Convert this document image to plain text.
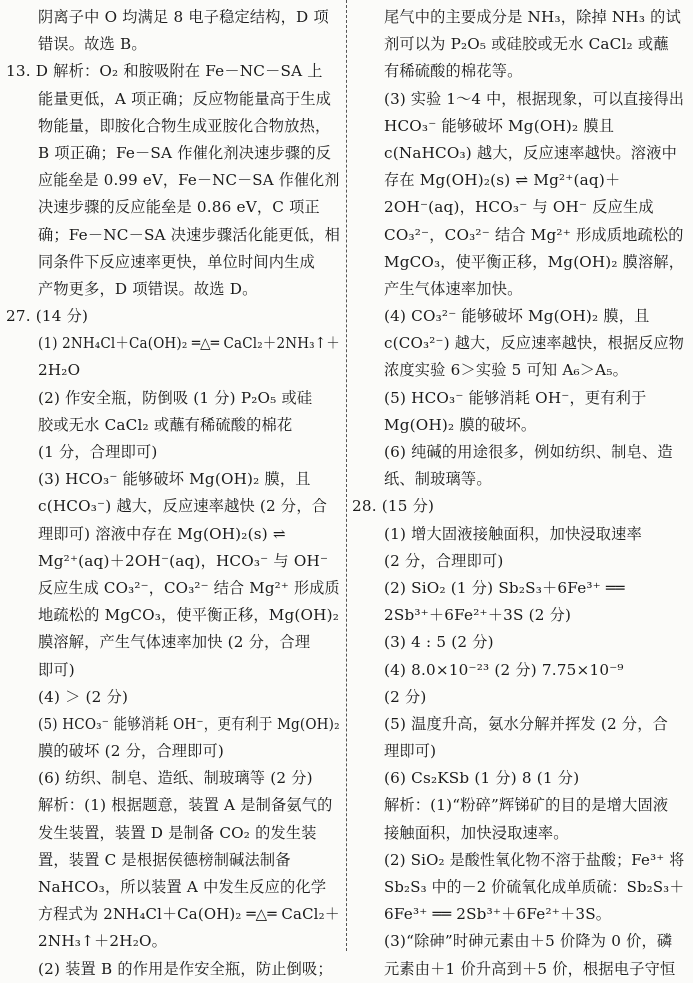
阴离子中 O 均满足 8 电子稳定结构，D 项
错误。故选 B。
13. D 解析：O₂ 和胺吸附在 Fe－NC－SA 上
能量更低，A 项正确；反应物能量高于生成
物能量，即胺化合物生成亚胺化合物放热，
B 项正确；Fe－SA 作催化剂决速步骤的反
应能垒是 0.99 eV，Fe－NC－SA 作催化剂
决速步骤的反应能垒是 0.86 eV，C 项正
确；Fe－NC－SA 决速步骤活化能更低，相
同条件下反应速率更快，单位时间内生成
产物更多，D 项错误。故选 D。
27. (14 分)
(1) 2NH₄Cl＋Ca(OH)₂ ═△═ CaCl₂＋2NH₃↑＋
2H₂O
(2) 作安全瓶，防倒吸 (1 分) P₂O₅ 或硅
胶或无水 CaCl₂ 或蘸有稀硫酸的棉花
(1 分，合理即可)
(3) HCO₃⁻ 能够破坏 Mg(OH)₂ 膜，且
c(HCO₃⁻) 越大，反应速率越快 (2 分，合
理即可) 溶液中存在 Mg(OH)₂(s) ⇌
Mg²⁺(aq)＋2OH⁻(aq)，HCO₃⁻ 与 OH⁻
反应生成 CO₃²⁻，CO₃²⁻ 结合 Mg²⁺ 形成质
地疏松的 MgCO₃，使平衡正移，Mg(OH)₂
膜溶解，产生气体速率加快 (2 分，合理
即可)
(4) ＞ (2 分)
(5) HCO₃⁻ 能够消耗 OH⁻，更有利于 Mg(OH)₂
膜的破坏 (2 分，合理即可)
(6) 纺织、制皂、造纸、制玻璃等 (2 分)
解析：(1) 根据题意，装置 A 是制备氨气的
发生装置，装置 D 是制备 CO₂ 的发生装
置，装置 C 是根据侯德榜制碱法制备
NaHCO₃，所以装置 A 中发生反应的化学
方程式为 2NH₄Cl＋Ca(OH)₂ ═△═ CaCl₂＋
2NH₃↑＋2H₂O。
(2) 装置 B 的作用是作安全瓶，防止倒吸；
尾气中的主要成分是 NH₃，除掉 NH₃ 的试
剂可以为 P₂O₅ 或硅胶或无水 CaCl₂ 或蘸
有稀硫酸的棉花等。
(3) 实验 1～4 中，根据现象，可以直接得出
HCO₃⁻ 能够破坏 Mg(OH)₂ 膜且
c(NaHCO₃) 越大，反应速率越快。溶液中
存在 Mg(OH)₂(s) ⇌ Mg²⁺(aq)＋
2OH⁻(aq)，HCO₃⁻ 与 OH⁻ 反应生成
CO₃²⁻，CO₃²⁻ 结合 Mg²⁺ 形成质地疏松的
MgCO₃，使平衡正移，Mg(OH)₂ 膜溶解，
产生气体速率加快。
(4) CO₃²⁻ 能够破坏 Mg(OH)₂ 膜，且
c(CO₃²⁻) 越大，反应速率越快，根据反应物
浓度实验 6＞实验 5 可知 A₆＞A₅。
(5) HCO₃⁻ 能够消耗 OH⁻，更有利于
Mg(OH)₂ 膜的破坏。
(6) 纯碱的用途很多，例如纺织、制皂、造
纸、制玻璃等。
28. (15 分)
(1) 增大固液接触面积，加快浸取速率
(2 分，合理即可)
(2) SiO₂ (1 分) Sb₂S₃＋6Fe³⁺ ══
2Sb³⁺＋6Fe²⁺＋3S (2 分)
(3) 4 : 5 (2 分)
(4) 8.0×10⁻²³ (2 分) 7.75×10⁻⁹
(2 分)
(5) 温度升高，氨水分解并挥发 (2 分，合
理即可)
(6) Cs₂KSb (1 分) 8 (1 分)
解析：(1)“粉碎”辉锑矿的目的是增大固液
接触面积，加快浸取速率。
(2) SiO₂ 是酸性氧化物不溶于盐酸；Fe³⁺ 将
Sb₂S₃ 中的－2 价硫氧化成单质硫：Sb₂S₃＋
6Fe³⁺ ══ 2Sb³⁺＋6Fe²⁺＋3S。
(3)“除砷”时砷元素由＋5 价降为 0 价，磷
元素由＋1 价升高到＋5 价，根据电子守恒
